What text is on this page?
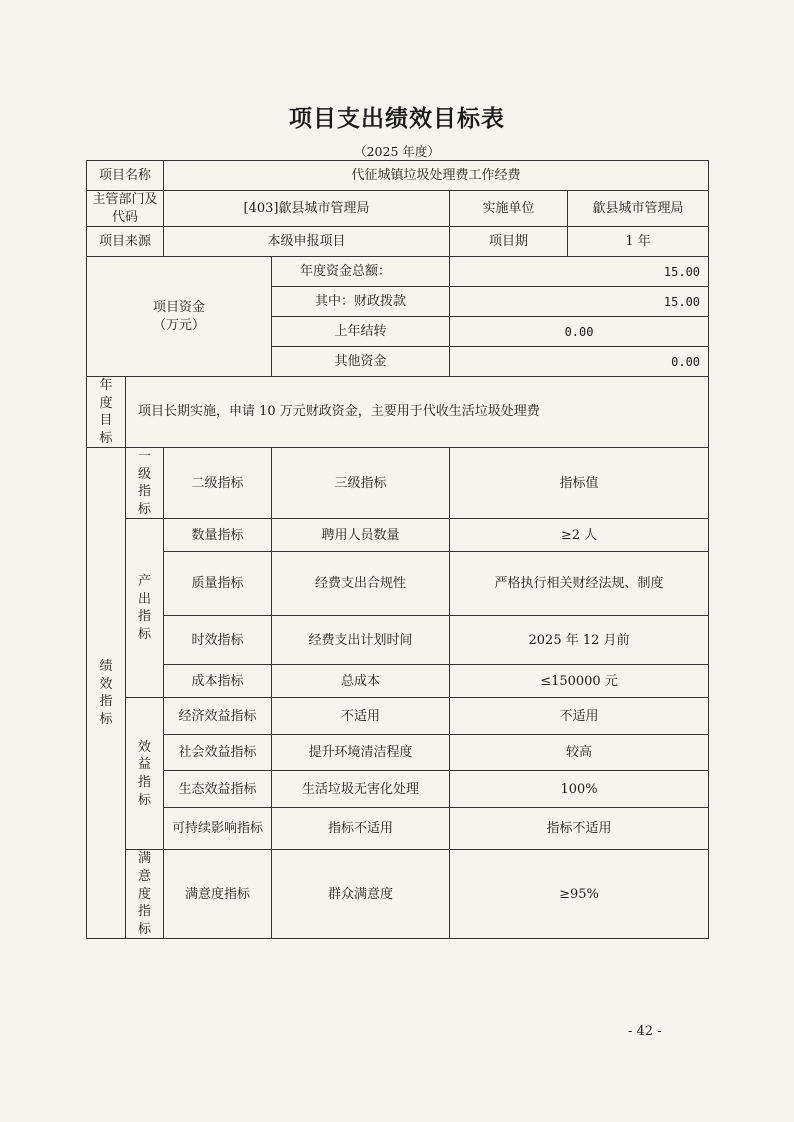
项目支出绩效目标表
（2025 年度）
项目名称		代征城镇垃圾处理费工作经费			
主管部门及代码		[403]歙县城市管理局		实施单位	歙县城市管理局
项目来源		本级申报项目		项目期	1 年

项目资金
（万元）			年度资金总额：	15.00	
			其中：财政拨款	15.00	
			上年结转	0.00	
			其他资金	0.00	
年度目标	项目长期实施，申请 10 万元财政资金，主要用于代收生活垃圾处理费				
绩效指标	一级指标	二级指标	三级指标	指标值	
	产出指标	数量指标	聘用人员数量	≥2 人	
		质量指标	经费支出合规性	严格执行相关财经法规、制度	
		时效指标	经费支出计划时间	2025 年 12 月前	
		成本指标	总成本	≤150000 元	
	效益指标	经济效益指标	不适用	不适用	
		社会效益指标	提升环境清洁程度	较高	
		生态效益指标	生活垃圾无害化处理	100%	
		可持续影响指标	指标不适用	指标不适用	
	满意度指标	满意度指标	群众满意度	≥95%	
- 42 -
